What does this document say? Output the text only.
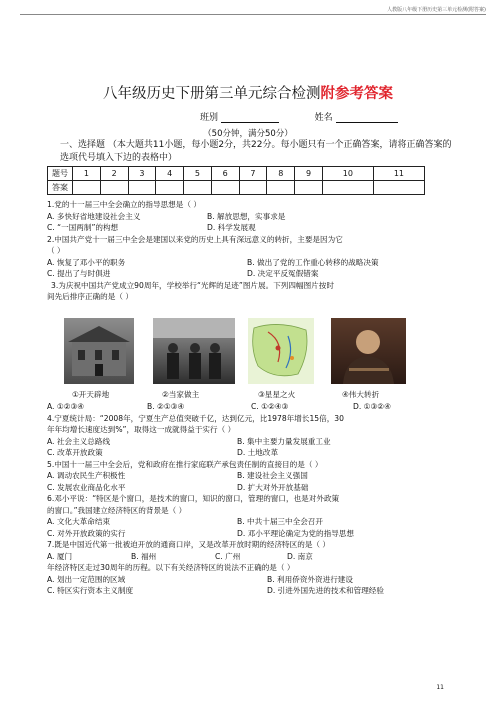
人教版八年级下册历史第三单元检测(附答案)
八年级历史下册第三单元综合检测附参考答案
班别	姓名
（50分钟，满分50分）
一、选择题 （本大题共11小题，每小题2分，共22分。每小题只有一个正确答案，请将正确答案的选项代号填入下边的表格中）
题号	1	2	3	4	5	6	7	8	9	10	11
答案											
1.党的十一届三中全会确立的指导思想是（ ）
A. 多快好省地建设社会主义	B. 解放思想，实事求是
C. “一国两制”的构想	D. 科学发展观
2.中国共产党十一届三中全会是建国以来党的历史上具有深远意义的转折，主要是因为它
（ ）
A. 恢复了邓小平的职务	B. 做出了党的工作重心转移的战略决策
C. 提出了与时俱进	D. 决定平反冤假错案
3.为庆祝中国共产党成立90周年，学校举行“光辉的足迹”图片展。下列四幅图片按时
间先后排序正确的是（ ）
①开天辟地	②当家做主	③星星之火	④伟大转折
A. ①②③④	B. ②①③④	C. ①②④③	D. ①③②④
4.宁夏统计局：“2008年，宁夏生产总值突破千亿，达到亿元，比1978年增长15倍，30
年年均增长速度达到%”，取得这一成就得益于实行（ ）
A. 社会主义总路线	B. 集中主要力量发展重工业
C. 改革开放政策	D. 土地改革
5.中国十一届三中全会后，党和政府在推行家庭联产承包责任制的直接目的是（ ）
A. 调动农民生产积极性	B. 建设社会主义强国
C. 发展农业商品化水平	D. 扩大对外开放基础
6.邓小平说：“特区是个窗口，是技术的窗口，知识的窗口，管理的窗口，也是对外政策
的窗口。”我国建立经济特区的背景是（ ）
A. 文化大革命结束	B. 中共十届三中全会召开
C. 对外开放政策的实行	D. 邓小平理论确定为党的指导思想
7.既是中国近代第一批被迫开放的通商口岸，又是改革开放时期的经济特区的是（ ）
A. 厦门	B. 福州	C. 广州	D. 南京
年经济特区走过30周年的历程。以下有关经济特区的说法不正确的是（ ）
A. 划出一定范围的区域	B. 利用侨资外资进行建设
C. 特区实行资本主义制度	D. 引进外国先进的技术和管理经验
11
